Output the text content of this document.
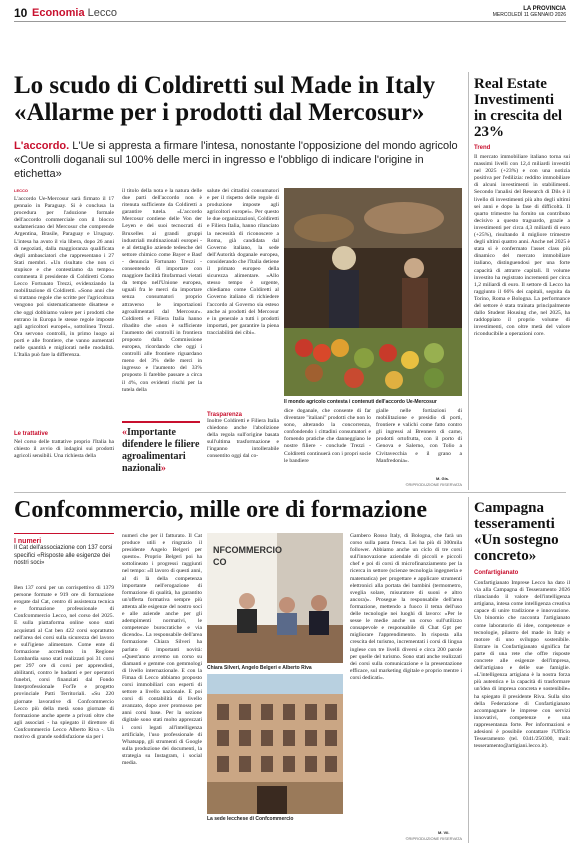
10 Economia Lecco	LA PROVINCIA
MERCOLEDÌ 11 GENNAIO 2026
Lo scudo di Coldiretti sul Made in Italy «Allarme per i prodotti dal Mercosur»
L'accordo. L'Ue si appresta a firmare l'intesa, nonostante l'opposizione del mondo agricolo «Controlli doganali sul 100% delle merci in ingresso e l'obbligo di indicare l'origine in etichetta»
LECCO
L'accordo Ue-Mercosur sarà firmato il 17 gennaio in Paraguay. Si è conclusa la procedura per l'adozione formale dell'accordo commerciale con il blocco sudamericano del Mercosur che comprende Argentina, Brasile, Paraguay e Uruguay. L'intesa ha avuto il via libera, dopo 26 anni di negoziati, dalla maggioranza qualificata degli ambasciatori che rappresentano i 27 Stati membri. «Un risultato che non ci stupisce e che contestiamo da tempo» commenta il presidente di Coldiretti Como Lecco Fortunato Trezzi, evidenziando la mobilitazione di Coldiretti. «Sono anni che si trattano regole che scritte per l'agricoltura vengono poi sistematicamente disattese e che oggi dobbiamo valere per i prodotti che entrano in Europa le stesse regole imposte agli agricoltori europei», sottolinea Trezzi. Ora servono controlli, in primo luogo ai porti e alle frontiere, che vanno aumentati nelle quantità e migliorati nelle modalità. L'Italia può fare la differenza.
Le trattative
Nel corso delle trattative proprio l'Italia ha chiesto il avvio di indagini sui prodotti agricoli sensibili. Una richiesta della
il titolo della nota e la natura delle due parti dell'accordo non è ritenuta sufficiente da Coldiretti a garantire tutela. «L'accordo Mercosur contiene delle Von der Leyen e dei suoi tecnocrati di Bruxelles ai grandi gruppi industriali multinazionali europei - e al dettaglio aziende tedesche del settore chimico come Bayer e Basf - denuncia Fortunato Trezzi - consentendo di importare con maggiore facilità fitofarmaci vietati da tempo nell'Unione europea, uguali fra le merci da importare senza consumatori proprio attraverso le importazioni agroalimentari dal Mercosur». Coldiretti e Filiera Italia hanno ribadito che «non è sufficiente l'aumento dei controlli in frontiera proposto dalla Commissione europea, ricordando che oggi i controlli alle frontiere riguardano meno del 3% delle merci in ingresso e l'aumento del 33% proposto li farebbe passare a circa il 4%, con evidenti rischi per la tutela della
«Importante difendere le filiere agroalimentari nazionali»
salute dei cittadini consumatori e per il rispetto delle regole di produzione imposte agli agricoltori europei». Per questo le due organizzazioni, Coldiretti e Filiera Italia, hanno rilanciato la necessità di riconoscere a Roma, già candidata dal Governo italiano, la sede dell'Autorità doganale europea, considerando che l'Italia detiene il primato europeo della sicurezza alimentare. «Allo stesso tempo è urgente, chiediamo come Coldiretti al Governo italiano di richiedere l'accordo al Governo sia esteso anche ai prodotti del Mercosur e in generale a tutti i prodotti importati, per garantire la piena tracciabilità dei cibi».
Il mondo agricolo contesta i contenuti dell'accordo Ue-Mercosur
dice doganale, che consente di far diventare "italiani" prodotti che non lo sono, alterando la concorrenza, confondendo i cittadini consumatori e fornendo pratiche che danneggiano le nostre filiere - conclude Trezzi - Coldiretti continuerà con i propri socie le bandiere
gialle nelle fortiazioni di mobilitazione e presidio di porti, frontiere e valichi come fatto contro gli ingressi al Brennero di carne, prodotti ortofrutta, con il porto di Genova e Salerno, con Tolio a Civitavecchia e il grano a Manfredonia».
M. Gis.
©RIPRODUZIONE RISERVATA
Trasparenza
Inoltre Coldiretti e Filiera Italia chiedono anche l'abolizione della regola sull'origine basata sull'ultima trasformazione e l'inganno intollerabile consentito oggi dal co-
Real Estate Investimenti in crescita del 23%
Trend
Il mercato immobiliare italiano torna sui massimi livelli con 12,4 miliardi investiti nel 2025 (+23%) e con una notizia positiva per l'edilizia: reddito immobiliare di alcuni investimenti in stabilimenti. Secondo l'analisi del Research di Dils è il livello di investimenti più alto degli ultimi sei anni e dopo la fase di difficoltà. Il quarto trimestre ha fornito un contributo decisivo a questo traguardo, grazie a investimenti per circa 4,3 miliardi di euro (+25%), risultando il migliore trimestre degli ultimi quattro anni. Anche nel 2025 è stata si è confermato l'asset class più dinamico del mercato immobiliare italiano, distinguendosi per una forte capacità di attrarre capitali. Il volume investito ha registrato incrementi per circa 1,2 miliardi di euro. Il settore di Lecco ha raggiunto il 66% dei capitali, seguita da Torino, Roma e Bologna. La performance del settore è stata trainata principalmente dallo Student Housing che, nel 2025, ha raddoppiato il proprio volume di investimenti, con oltre metà del valore riconducibile a operazioni core.
Confcommercio, mille ore di formazione
I numeri
Il Cat dell'associazione con 137 corsi specifici «Risposte alle esigenze dei nostri soci»
Ben 137 corsi per un corrispettivo di 1379 persone formate e 919 ore di formazione erogate dal Cat, centro di assistenza tecnica e formazione professionale di Confcommercio Lecco, nel corso del 2025. E sulla piattaforma online sono stati acquistati al Cat ben 422 corsi soprattutto nell'area dei corsi sulla sicurezza del lavoro e sull'igiene alimentare. Come ente di formazione accreditato in Regione Lombardia sono stati realizzati poi 31 corsi per 297 ore di corsi per apprendisti, abilitanti, contro le badanti e per operatori funebri, corsi finanziati dal Fondo Interprofessionale ForTe e progetto provinciale Patti Territoriali. «Su 220 giornate lavorative di Confcommercio Lecco più della metà sono giornate di formazione anche aperte a privati oltre che agli associati - ha spiegato il direttore di Confcommercio Lecco Alberto Riva -. Un motivo di grande soddisfazione sia per i
numeri che per il fatturato. Il Cat produce utili e ringrazio il presidente Angelo Belgeri per questo». Proprio Belgeri poi ha sottolineato i progressi raggiunti nel tempo: «Il lavoro di questi anni, al di là della competenza importante nell'erogazione di formazione di qualità, ha garantito un'offerta formativa sempre più attenta alle esigenze del nostro soci e alle aziende anche per gli adempimenti normativi, le competenze burocratiche e via dicendo». La responsabile dell'area formazione Chiara Silveri ha parlato di importanti novità: «Quest'anno avremo un corso su diamanti e gemme con gemmologi di livello internazionale. E con la Fimaa di Lecco abbiamo proposto corsi immobiliari con esperti di settore a livello nazionale. E poi corsi di contabilità di livello avanzato, dopo aver promosso per anni corsi base. Per la sezione digitale sono stati molto apprezzati i corsi legati all'intelligenza artificiale, l'uso professionale di Whatsapp, gli strumenti di Google sulla produzione dei documenti, la strategia su Instagram, i social media.
NFCOMMERCIO
CO
Chiara Silveri, Angelo Belgeri e Alberto Riva
La sede lecchese di Confcommercio
Gambero Rosso Italy, di Bologna, che farà un corso sulla pasta fresca. Lei ha più di 300mila follower. Abbiamo anche un ciclo di tre corsi sull'innovazione aziendale di piccoli e piccoli chef e poi di corsi di microfinanziamento per la ricerca in settore (scienze tecnologia ingegneria e matematica) per progettare e applicare strumenti elettronici alla portata dei bambini (termometro, sveglia solare, misuratore di suoni e altro ancora)». Prosegue la responsabile dell'area formazione, mettendo a fuoco il tema dell'uso delle tecnologie nei luoghi di lavoro: «Per le sesse le medie anche un corso sull'utilizzo consapevole e responsabile di Chat Gpt per migliorare l'apprendimento. In risposta alla crescita del turismo, incrementati i corsi di lingua inglese con tre livelli diversi e circa 200 parole per quelle del turismo. Sono stati anche realizzati dei corsi sulla comunicazione e la presentazione efficace, sul marketing digitale e proprio mentre i corsi dedicati».
M. Vil.
©RIPRODUZIONE RISERVATA
Campagna tesseramenti «Un sostegno concreto»
Confartigianato
Confartigianato Imprese Lecco ha dato il via alla Campagna di Tesseramento 2026 rilanciando il valore dell'intelligenza artigiana, intesa come intelligenza creativa capace di unire tradizione e innovazione. Un binomio che racconta l'artigianato come laboratorio di idee, competenze e tecnologie, pilastro del made in Italy e motore di uno sviluppo sostenibile. Entrare in Confartigianato significa far parte di una rete che offre risposte concrete alle esigenze dell'impresa, dell'artigiano e delle sue famiglie. «L'intelligenza artigiana è la nostra forza più autentica e la capacità di trasformare un'idea di impresa concreta e sostenibile» ha spiegato il presidente Riva. Sulla sito della Federazione di Confartigianato accompagnare le imprese con servizi innovativi, competenze e una rappresentanza forte. Per informazioni e adesioni è possibile contattare l'Ufficio Tesseramento (tel. 0341/250300, mail: tesseramento@artigiani.lecco.it).
